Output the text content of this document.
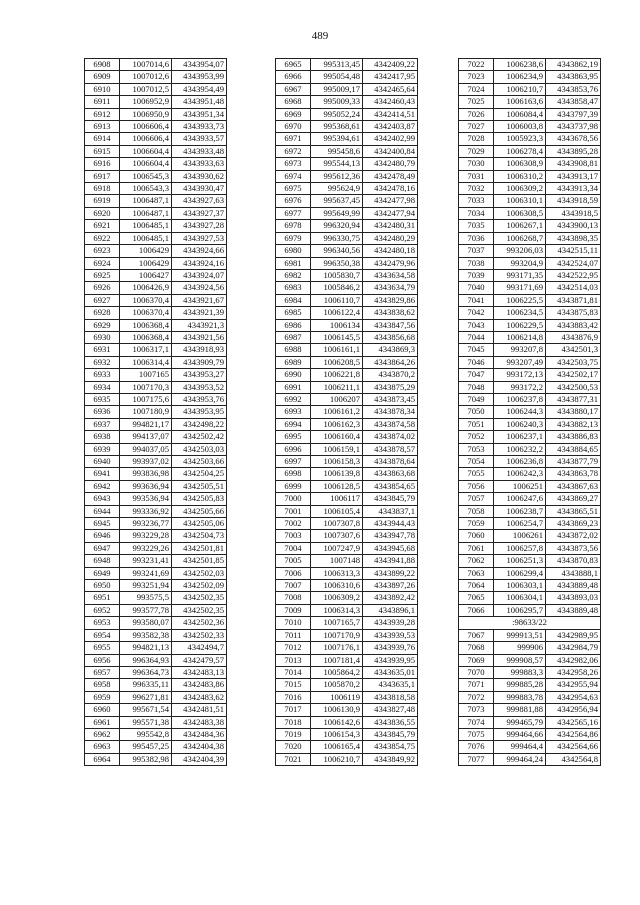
489
6908	1007014,6	4343954,07
6909	1007012,6	4343953,99
6910	1007012,5	4343954,49
6911	1006952,9	4343951,48
6912	1006950,9	4343951,34
6913	1006606,4	4343933,73
6914	1006606,4	4343933,57
6915	1006604,4	4343933,48
6916	1006604,4	4343933,63
6917	1006545,3	4343930,62
6918	1006543,3	4343930,47
6919	1006487,1	4343927,63
6920	1006487,1	4343927,37
6921	1006485,1	4343927,28
6922	1006485,1	4343927,53
6923	1006429	4343924,66
6924	1006429	4343924,16
6925	1006427	4343924,07
6926	1006426,9	4343924,56
6927	1006370,4	4343921,67
6928	1006370,4	4343921,39
6929	1006368,4	4343921,3
6930	1006368,4	4343921,56
6931	1006317,1	4343918,93
6932	1006314,4	4343909,79
6933	1007165	4343953,27
6934	1007170,3	4343953,52
6935	1007175,6	4343953,76
6936	1007180,9	4343953,95
6937	994821,17	4342498,22
6938	994137,07	4342502,42
6939	994037,05	4342503,03
6940	993937,02	4342503,66
6941	993836,98	4342504,25
6942	993636,94	4342505,51
6943	993536,94	4342505,83
6944	993336,92	4342505,66
6945	993236,77	4342505,06
6946	993229,28	4342504,73
6947	993229,26	4342501,81
6948	993231,41	4342501,85
6949	993241,69	4342502,03
6950	993251,94	4342502,09
6951	993575,5	4342502,35
6952	993577,78	4342502,35
6953	993580,07	4342502,36
6954	993582,38	4342502,33
6955	994821,13	4342494,7
6956	996364,93	4342479,57
6957	996364,73	4342483,13
6958	996335,11	4342483,86
6959	996271,81	4342483,62
6960	995671,54	4342481,51
6961	995571,38	4342483,38
6962	995542,8	4342484,36
6963	995457,25	4342404,38
6964	995382,98	4342404,39
6965	995313,45	4342409,22
6966	995054,48	4342417,95
6967	995009,17	4342465,64
6968	995009,33	4342460,43
6969	995052,24	4342414,51
6970	995368,61	4342403,87
6971	995394,61	4342402,99
6972	995458,6	4342400,84
6973	995544,13	4342480,79
6974	995612,36	4342478,49
6975	995624,9	4342478,16
6976	995637,45	4342477,98
6977	995649,99	4342477,94
6978	996320,94	4342480,31
6979	996330,75	4342480,29
6980	996340,56	4342480,18
6981	996350,38	4342479,96
6982	1005830,7	4343634,58
6983	1005846,2	4343634,79
6984	1006110,7	4343829,86
6985	1006122,4	4343838,62
6986	1006134	4343847,56
6987	1006145,5	4343856,68
6988	1006161,1	4343869,3
6989	1006208,5	4343864,26
6990	1006221,8	4343870,2
6991	1006211,1	4343875,29
6992	1006207	4343873,45
6993	1006161,2	4343878,34
6994	1006162,3	4343874,58
6995	1006160,4	4343874,02
6996	1006159,1	4343878,57
6997	1006158,3	4343878,64
6998	1006139,8	4343863,68
6999	1006128,5	4343854,65
7000	1006117	4343845,79
7001	1006105,4	4343837,1
7002	1007307,8	4343944,43
7003	1007307,6	4343947,78
7004	1007247,9	4343945,68
7005	1007148	4343941,88
7006	1006313,3	4343899,22
7007	1006310,6	4343897,26
7008	1006309,2	4343892,42
7009	1006314,3	4343896,1
7010	1007165,7	4343939,28
7011	1007170,9	4343939,53
7012	1007176,1	4343939,76
7013	1007181,4	4343939,95
7014	1005864,2	4343635,01
7015	1005870,2	4343635,1
7016	1006119	4343818,58
7017	1006130,9	4343827,48
7018	1006142,6	4343836,55
7019	1006154,3	4343845,79
7020	1006165,4	4343854,75
7021	1006210,7	4343849,92
7022	1006238,6	4343862,19
7023	1006234,9	4343863,95
7024	1006210,7	4343853,76
7025	1006163,6	4343858,47
7026	1006084,4	4343797,39
7027	1006003,8	4343737,98
7028	1005923,3	4343678,56
7029	1006278,4	4343895,28
7030	1006308,9	4343908,81
7031	1006310,2	4343913,17
7032	1006309,2	4343913,34
7033	1006310,1	4343918,59
7034	1006308,5	4343918,5
7035	1006267,1	4343900,13
7036	1006268,7	4343898,35
7037	993206,03	4342515,11
7038	993204,9	4342524,07
7039	993171,35	4342522,95
7040	993171,69	4342514,03
7041	1006225,5	4343871,81
7042	1006234,5	4343875,83
7043	1006229,5	4343883,42
7044	1006214,8	4343876,9
7045	993207,8	4342501,3
7046	993207,49	4342503,75
7047	993172,13	4342502,17
7048	993172,2	4342500,53
7049	1006237,8	4343877,31
7050	1006244,3	4343880,17
7051	1006240,3	4343882,13
7052	1006237,1	4343886,83
7053	1006232,2	4343884,65
7054	1006236,8	4343877,79
7055	1006242,3	4343863,78
7056	1006251	4343867,63
7057	1006247,6	4343869,27
7058	1006238,7	4343865,51
7059	1006254,7	4343869,23
7060	1006261	4343872,02
7061	1006257,8	4343873,56
7062	1006251,3	4343870,83
7063	1006299,4	4343888,1
7064	1006303,1	4343889,48
7065	1006304,1	4343893,03
7066	1006295,7	4343889,48
:98633/22		
7067	999913,51	4342989,95
7068	999906	4342984,79
7069	999908,57	4342982,06
7070	999883,3	4342958,26
7071	999885,28	4342955,94
7072	999883,78	4342954,63
7073	999881,88	4342956,94
7074	999465,79	4342565,16
7075	999464,66	4342564,86
7076	999464,4	4342564,66
7077	999464,24	4342564,8
